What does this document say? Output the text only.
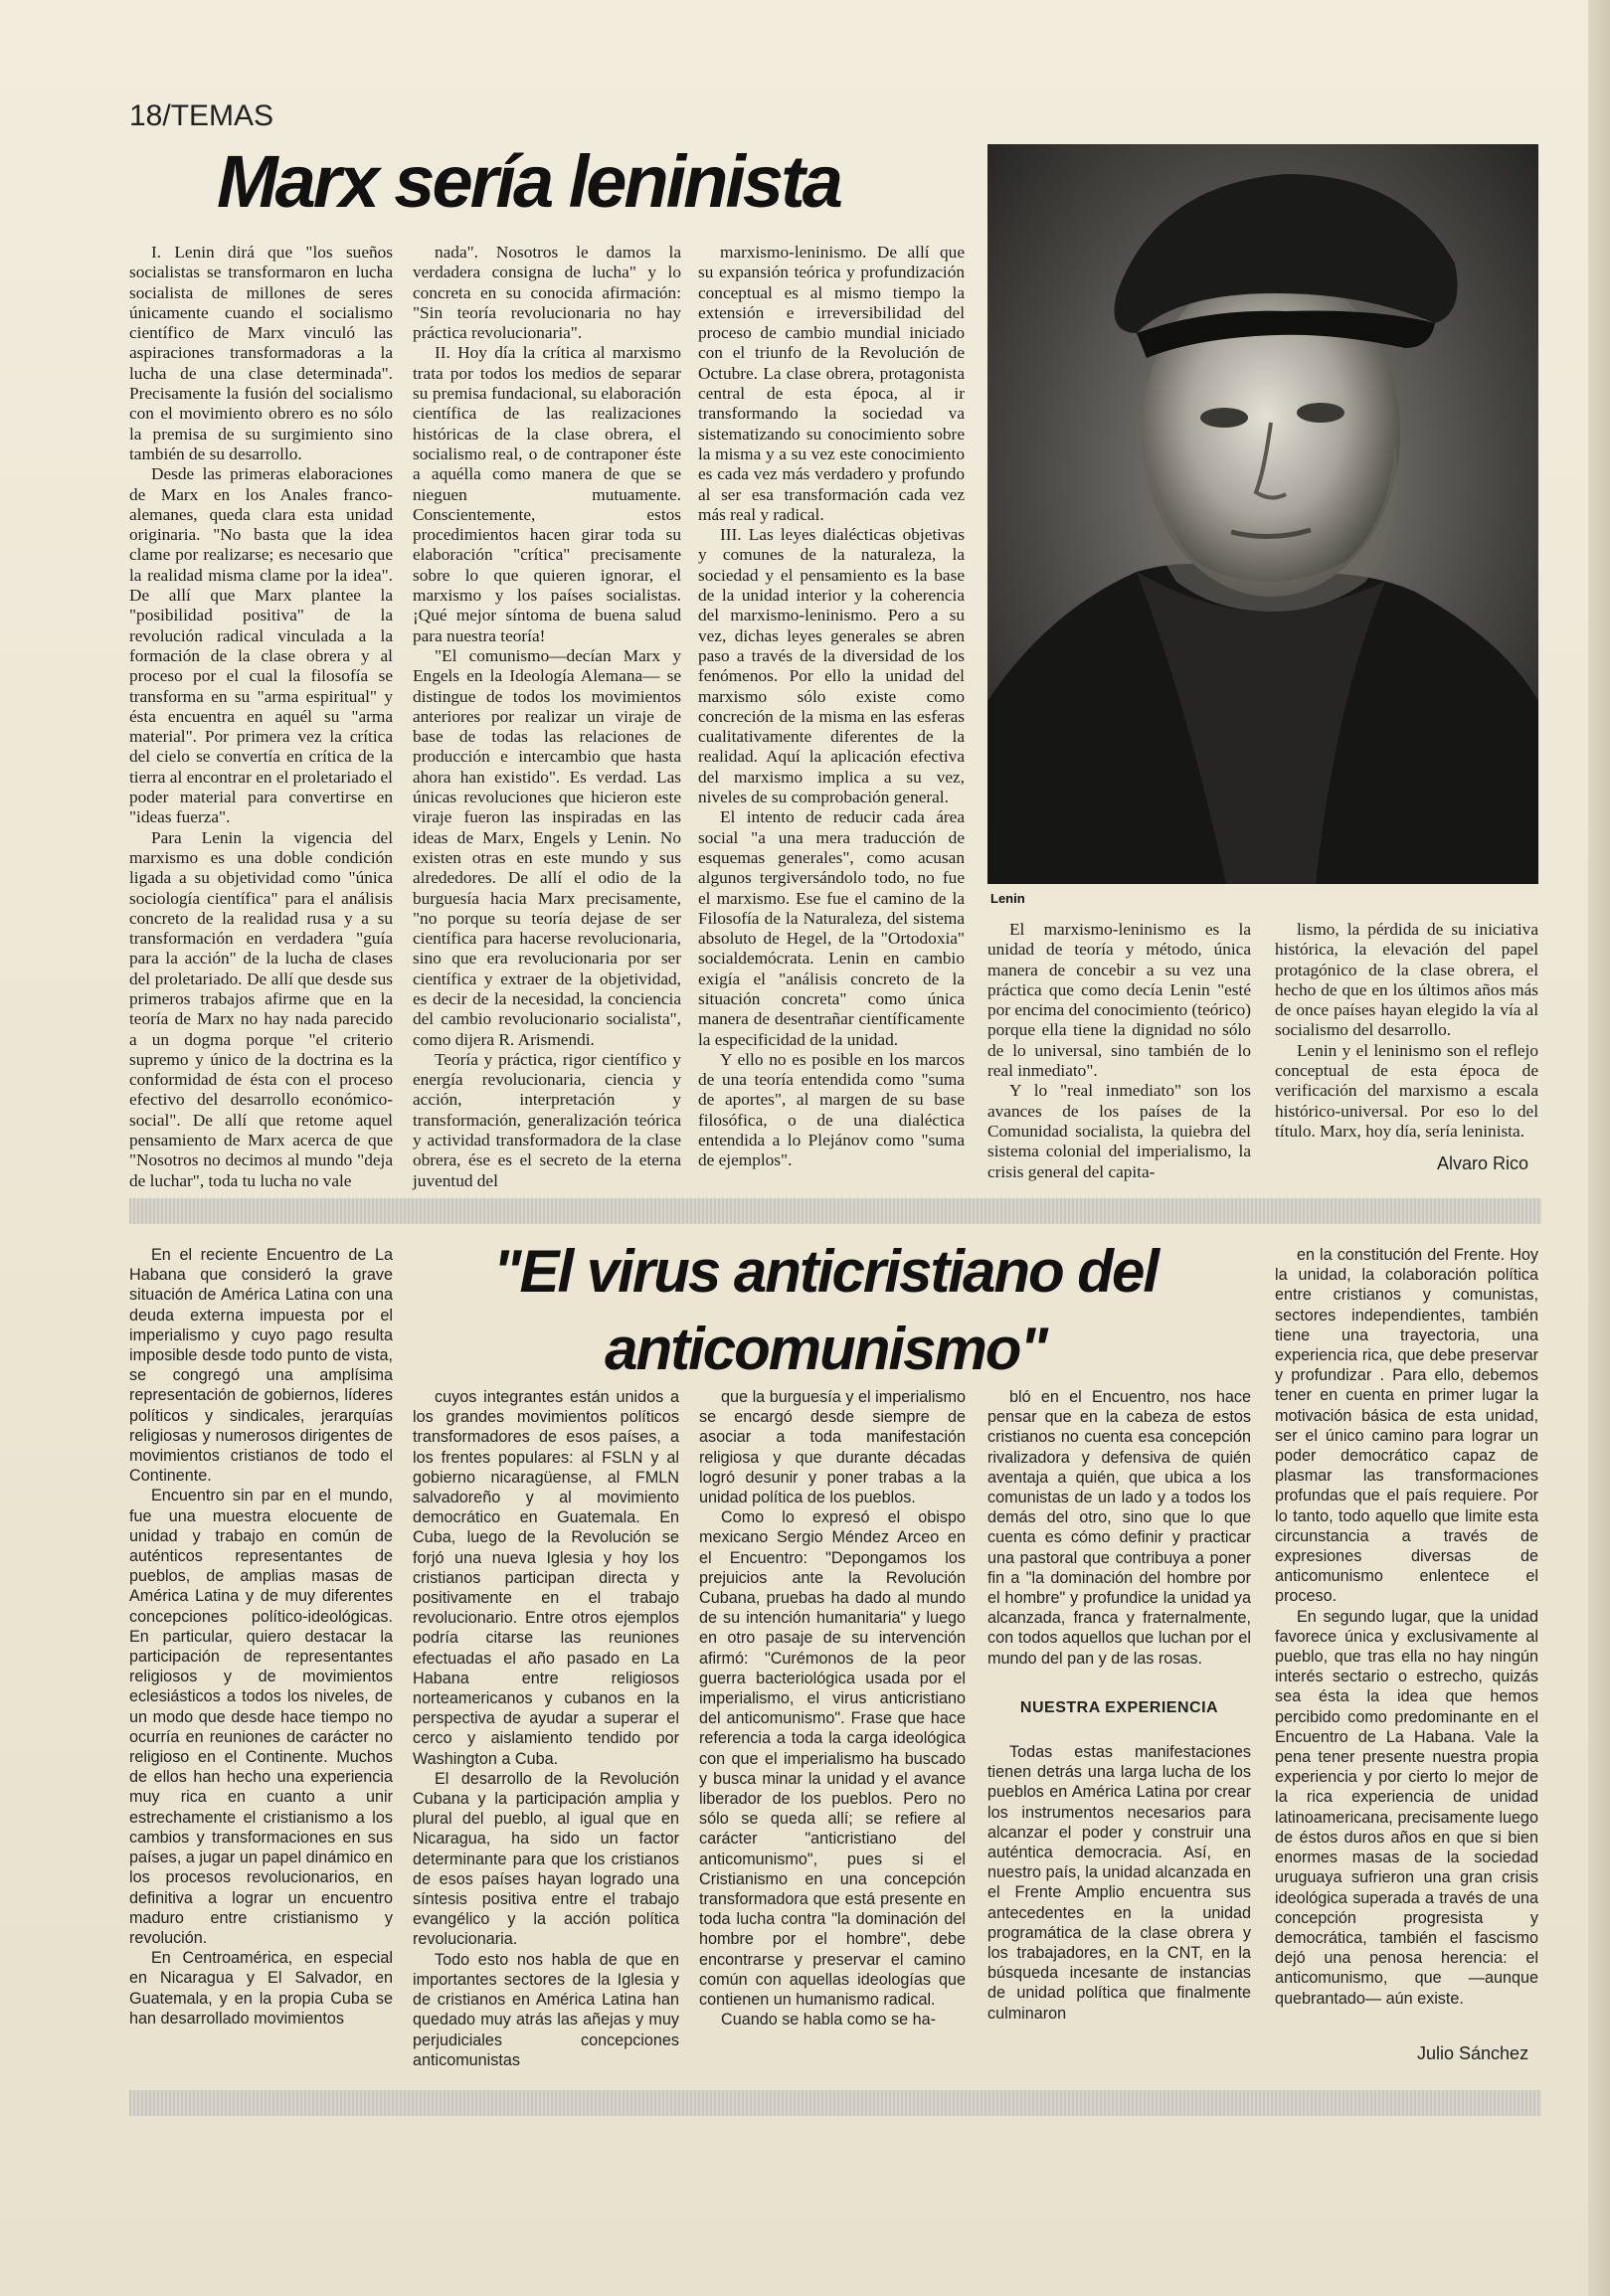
18/TEMAS
Marx sería leninista

I. Lenin dirá que "los sueños socialistas se transformaron en lucha socialista de millones de seres únicamente cuando el socialismo científico de Marx vinculó las aspiraciones transformadoras a la lucha de una clase determinada". Precisamente la fusión del socialismo con el movimiento obrero es no sólo la premisa de su surgimiento sino también de su desarrollo.

Desde las primeras elaboraciones de Marx en los Anales franco-alemanes, queda clara esta unidad originaria. "No basta que la idea clame por realizarse; es necesario que la realidad misma clame por la idea". De allí que Marx plantee la "posibilidad positiva" de la revolución radical vinculada a la formación de la clase obrera y al proceso por el cual la filosofía se transforma en su "arma espiritual" y ésta encuentra en aquél su "arma material". Por primera vez la crítica del cielo se convertía en crítica de la tierra al encontrar en el proletariado el poder material para convertirse en "ideas fuerza".

Para Lenin la vigencia del marxismo es una doble condición ligada a su objetividad como "única sociología científica" para el análisis concreto de la realidad rusa y a su transformación en verdadera "guía para la acción" de la lucha de clases del proletariado. De allí que desde sus primeros trabajos afirme que en la teoría de Marx no hay nada parecido a un dogma porque "el criterio supremo y único de la doctrina es la conformidad de ésta con el proceso efectivo del desarrollo económico-social". De allí que retome aquel pensamiento de Marx acerca de que "Nosotros no decimos al mundo "deja de luchar", toda tu lucha no vale

nada". Nosotros le damos la verdadera consigna de lucha" y lo concreta en su conocida afirmación: "Sin teoría revolucionaria no hay práctica revolucionaria".

II. Hoy día la crítica al marxismo trata por todos los medios de separar su premisa fundacional, su elaboración científica de las realizaciones históricas de la clase obrera, el socialismo real, o de contraponer éste a aquélla como manera de que se nieguen mutuamente. Conscientemente, estos procedimientos hacen girar toda su elaboración "crítica" precisamente sobre lo que quieren ignorar, el marxismo y los países socialistas. ¡Qué mejor síntoma de buena salud para nuestra teoría!

"El comunismo—decían Marx y Engels en la Ideología Alemana— se distingue de todos los movimientos anteriores por realizar un viraje de base de todas las relaciones de producción e intercambio que hasta ahora han existido". Es verdad. Las únicas revoluciones que hicieron este viraje fueron las inspiradas en las ideas de Marx, Engels y Lenin. No existen otras en este mundo y sus alrededores. De allí el odio de la burguesía hacia Marx precisamente, "no porque su teoría dejase de ser científica para hacerse revolucionaria, sino que era revolucionaria por ser científica y extraer de la objetividad, es decir de la necesidad, la conciencia del cambio revolucionario socialista", como dijera R. Arismendi.

Teoría y práctica, rigor científico y energía revolucionaria, ciencia y acción, interpretación y transformación, generalización teórica y actividad transformadora de la clase obrera, ése es el secreto de la eterna juventud del

marxismo-leninismo. De allí que su expansión teórica y profundización conceptual es al mismo tiempo la extensión e irreversibilidad del proceso de cambio mundial iniciado con el triunfo de la Revolución de Octubre. La clase obrera, protagonista central de esta época, al ir transformando la sociedad va sistematizando su conocimiento sobre la misma y a su vez este conocimiento es cada vez más verdadero y profundo al ser esa transformación cada vez más real y radical.

III. Las leyes dialécticas objetivas y comunes de la naturaleza, la sociedad y el pensamiento es la base de la unidad interior y la coherencia del marxismo-leninismo. Pero a su vez, dichas leyes generales se abren paso a través de la diversidad de los fenómenos. Por ello la unidad del marxismo sólo existe como concreción de la misma en las esferas cualitativamente diferentes de la realidad. Aquí la aplicación efectiva del marxismo implica a su vez, niveles de su comprobación general.

El intento de reducir cada área social "a una mera traducción de esquemas generales", como acusan algunos tergiversándolo todo, no fue el marxismo. Ese fue el camino de la Filosofía de la Naturaleza, del sistema absoluto de Hegel, de la "Ortodoxia" socialdemócrata. Lenin en cambio exigía el "análisis concreto de la situación concreta" como única manera de desentrañar científicamente la especificidad de la unidad.

Y ello no es posible en los marcos de una teoría entendida como "suma de aportes", al margen de su base filosófica, o de una dialéctica entendida a lo Plejánov como "suma de ejemplos".

Lenin

El marxismo-leninismo es la unidad de teoría y método, única manera de concebir a su vez una práctica que como decía Lenin "esté por encima del conocimiento (teórico) porque ella tiene la dignidad no sólo de lo universal, sino también de lo real inmediato".

Y lo "real inmediato" son los avances de los países de la Comunidad socialista, la quiebra del sistema colonial del imperialismo, la crisis general del capita-

lismo, la pérdida de su iniciativa histórica, la elevación del papel protagónico de la clase obrera, el hecho de que en los últimos años más de once países hayan elegido la vía al socialismo del desarrollo.

Lenin y el leninismo son el reflejo conceptual de esta época de verificación del marxismo a escala histórico-universal. Por eso lo del título. Marx, hoy día, sería leninista.

Alvaro Rico
"El virus anticristiano del anticomunismo"

En el reciente Encuentro de La Habana que consideró la grave situación de América Latina con una deuda externa impuesta por el imperialismo y cuyo pago resulta imposible desde todo punto de vista, se congregó una amplísima representación de gobiernos, líderes políticos y sindicales, jerarquías religiosas y numerosos dirigentes de movimientos cristianos de todo el Continente.

Encuentro sin par en el mundo, fue una muestra elocuente de unidad y trabajo en común de auténticos representantes de pueblos, de amplias masas de América Latina y de muy diferentes concepciones político-ideológicas. En particular, quiero destacar la participación de representantes religiosos y de movimientos eclesiásticos a todos los niveles, de un modo que desde hace tiempo no ocurría en reuniones de carácter no religioso en el Continente. Muchos de ellos han hecho una experiencia muy rica en cuanto a unir estrechamente el cristianismo a los cambios y transformaciones en sus países, a jugar un papel dinámico en los procesos revolucionarios, en definitiva a lograr un encuentro maduro entre cristianismo y revolución.

En Centroamérica, en especial en Nicaragua y El Salvador, en Guatemala, y en la propia Cuba se han desarrollado movimientos

cuyos integrantes están unidos a los grandes movimientos políticos transformadores de esos países, a los frentes populares: al FSLN y al gobierno nicaragüense, al FMLN salvadoreño y al movimiento democrático en Guatemala. En Cuba, luego de la Revolución se forjó una nueva Iglesia y hoy los cristianos participan directa y positivamente en el trabajo revolucionario. Entre otros ejemplos podría citarse las reuniones efectuadas el año pasado en La Habana entre religiosos norteamericanos y cubanos en la perspectiva de ayudar a superar el cerco y aislamiento tendido por Washington a Cuba.

El desarrollo de la Revolución Cubana y la participación amplia y plural del pueblo, al igual que en Nicaragua, ha sido un factor determinante para que los cristianos de esos países hayan logrado una síntesis positiva entre el trabajo evangélico y la acción política revolucionaria.

Todo esto nos habla de que en importantes sectores de la Iglesia y de cristianos en América Latina han quedado muy atrás las añejas y muy perjudiciales concepciones anticomunistas

que la burguesía y el imperialismo se encargó desde siempre de asociar a toda manifestación religiosa y que durante décadas logró desunir y poner trabas a la unidad política de los pueblos.

Como lo expresó el obispo mexicano Sergio Méndez Arceo en el Encuentro: "Depongamos los prejuicios ante la Revolución Cubana, pruebas ha dado al mundo de su intención humanitaria" y luego en otro pasaje de su intervención afirmó: "Curémonos de la peor guerra bacteriológica usada por el imperialismo, el virus anticristiano del anticomunismo". Frase que hace referencia a toda la carga ideológica con que el imperialismo ha buscado y busca minar la unidad y el avance liberador de los pueblos. Pero no sólo se queda allí; se refiere al carácter "anticristiano del anticomunismo", pues si el Cristianismo en una concepción transformadora que está presente en toda lucha contra "la dominación del hombre por el hombre", debe encontrarse y preservar el camino común con aquellas ideologías que contienen un humanismo radical.

Cuando se habla como se ha-

bló en el Encuentro, nos hace pensar que en la cabeza de estos cristianos no cuenta esa concepción rivalizadora y defensiva de quién aventaja a quién, que ubica a los comunistas de un lado y a todos los demás del otro, sino que lo que cuenta es cómo definir y practicar una pastoral que contribuya a poner fin a "la dominación del hombre por el hombre" y profundice la unidad ya alcanzada, franca y fraternalmente, con todos aquellos que luchan por el mundo del pan y de las rosas.

NUESTRA EXPERIENCIA

Todas estas manifestaciones tienen detrás una larga lucha de los pueblos en América Latina por crear los instrumentos necesarios para alcanzar el poder y construir una auténtica democracia. Así, en nuestro país, la unidad alcanzada en el Frente Amplio encuentra sus antecedentes en la unidad programática de la clase obrera y los trabajadores, en la CNT, en la búsqueda incesante de instancias de unidad política que finalmente culminaron

en la constitución del Frente. Hoy la unidad, la colaboración política entre cristianos y comunistas, sectores independientes, también tiene una trayectoria, una experiencia rica, que debe preservar y profundizar . Para ello, debemos tener en cuenta en primer lugar la motivación básica de esta unidad, ser el único camino para lograr un poder democrático capaz de plasmar las transformaciones profundas que el país requiere. Por lo tanto, todo aquello que limite esta circunstancia a través de expresiones diversas de anticomunismo enlentece el proceso.

En segundo lugar, que la unidad favorece única y exclusivamente al pueblo, que tras ella no hay ningún interés sectario o estrecho, quizás sea ésta la idea que hemos percibido como predominante en el Encuentro de La Habana. Vale la pena tener presente nuestra propia experiencia y por cierto lo mejor de la rica experiencia de unidad latinoamericana, precisamente luego de éstos duros años en que si bien enormes masas de la sociedad uruguaya sufrieron una gran crisis ideológica superada a través de una concepción progresista y democrática, también el fascismo dejó una penosa herencia: el anticomunismo, que —aunque quebrantado— aún existe.

Julio Sánchez
